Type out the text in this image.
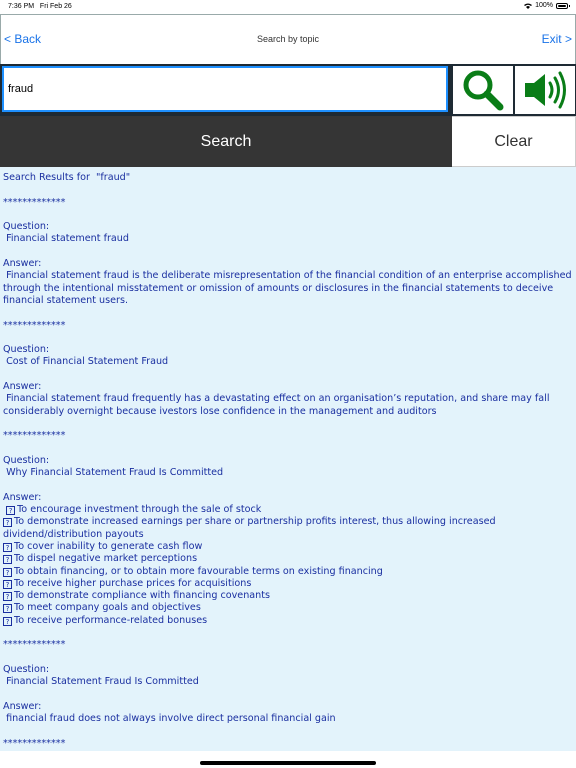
7:36 PM Fri Feb 26	100%
< Back	Search by topic	Exit >
fraud
Search	Clear
Search Results for  "fraud"
*************
Question:
Financial statement fraud
Answer:
Financial statement fraud is the deliberate misrepresentation of the financial condition of an enterprise accomplished through the intentional misstatement or omission of amounts or disclosures in the financial statements to deceive financial statement users.
*************
Question:
Cost of Financial Statement Fraud
Answer:
Financial statement fraud frequently has a devastating effect on an organisation’s reputation, and share may fall considerably overnight because ivestors lose confidence in the management and auditors
*************
Question:
Why Financial Statement Fraud Is Committed
Answer:
? To encourage investment through the sale of stock
? To demonstrate increased earnings per share or partnership profits interest, thus allowing increased dividend/distribution payouts
? To cover inability to generate cash flow
? To dispel negative market perceptions
? To obtain financing, or to obtain more favourable terms on existing financing
? To receive higher purchase prices for acquisitions
? To demonstrate compliance with financing covenants
? To meet company goals and objectives
? To receive performance-related bonuses
*************
Question:
Financial Statement Fraud Is Committed
Answer:
financial fraud does not always involve direct personal financial gain
*************
